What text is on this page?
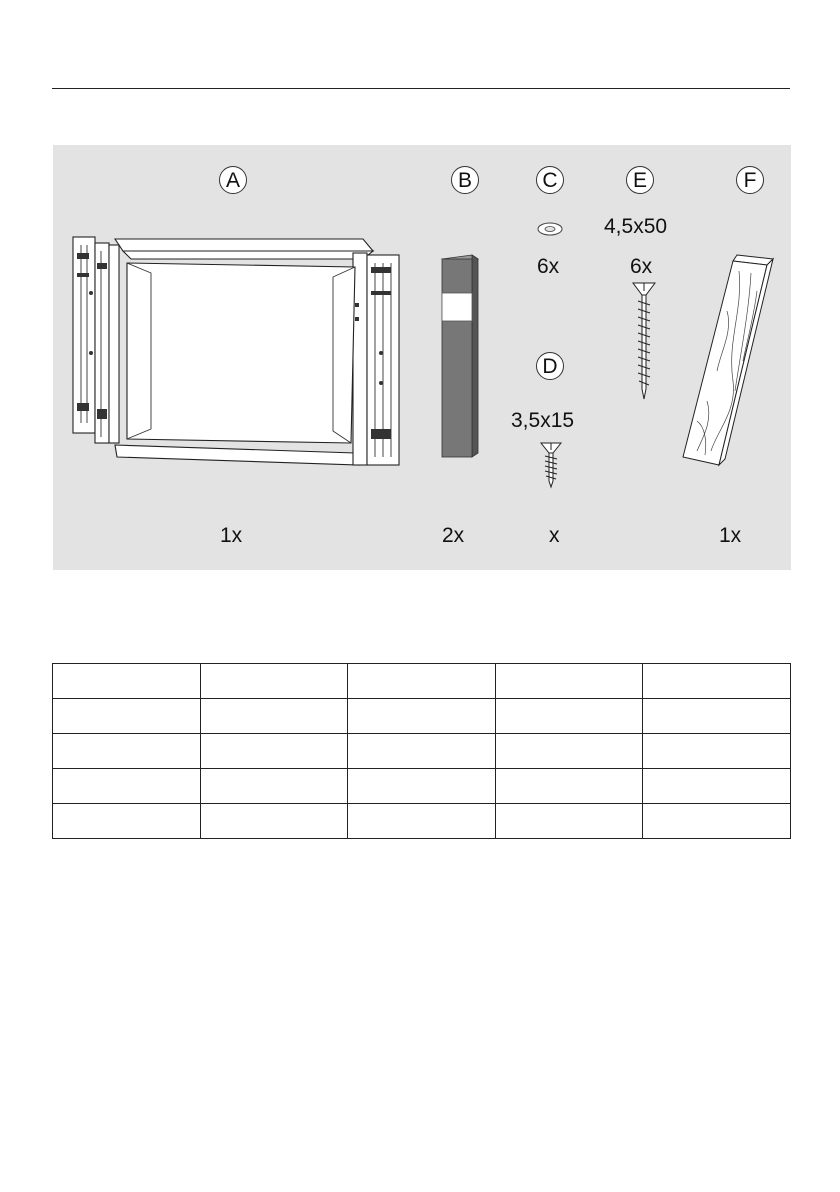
A	B	C
D
E	F
4,5x50
3,5x15
6x	6x
1x	2x	x	1x
